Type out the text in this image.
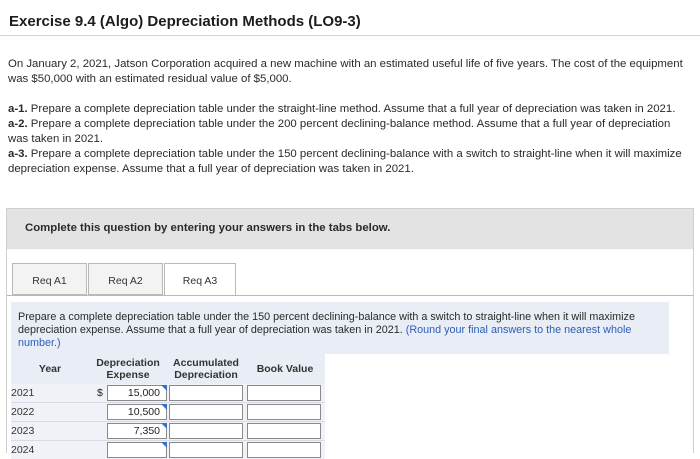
Exercise 9.4 (Algo) Depreciation Methods (LO9-3)
On January 2, 2021, Jatson Corporation acquired a new machine with an estimated useful life of five years. The cost of the equipment was $50,000 with an estimated residual value of $5,000.

a-1. Prepare a complete depreciation table under the straight-line method. Assume that a full year of depreciation was taken in 2021.

a-2. Prepare a complete depreciation table under the 200 percent declining-balance method. Assume that a full year of depreciation was taken in 2021.

a-3. Prepare a complete depreciation table under the 150 percent declining-balance with a switch to straight-line when it will maximize depreciation expense. Assume that a full year of depreciation was taken in 2021.

Complete this question by entering your answers in the tabs below.
Req A1	Req A2	Req A3
Prepare a complete depreciation table under the 150 percent declining-balance with a switch to straight-line when it will maximize depreciation expense. Assume that a full year of depreciation was taken in 2021. (Round your final answers to the nearest whole number.)
Year	Depreciation Expense	Accumulated Depreciation	Book Value
2021	$ 15,000		

2022	10,500		

2023	7,350		

2024	
